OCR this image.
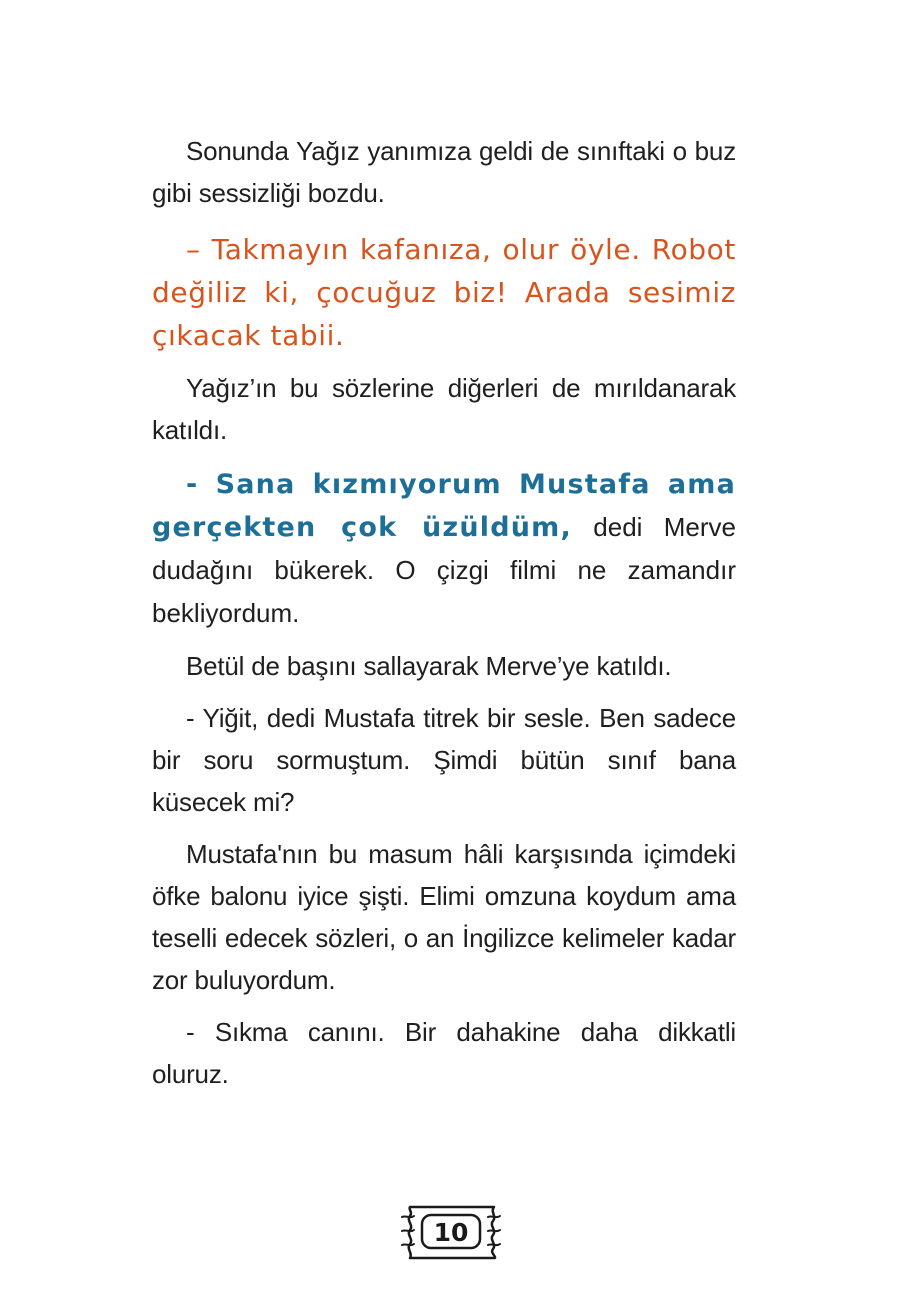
Sonunda Yağız yanımıza geldi de sınıftaki o buz gibi sessizliği bozdu.

– Takmayın kafanıza, olur öyle. Robot değiliz ki, çocuğuz biz! Arada sesimiz çıkacak tabii.

Yağız’ın bu sözlerine diğerleri de mırıldanarak katıldı.

- Sana kızmıyorum Mustafa ama gerçekten çok üzüldüm, dedi Merve dudağını bükerek. O çizgi filmi ne zamandır bekliyordum.

Betül de başını sallayarak Merve’ye katıldı.

- Yiğit, dedi Mustafa titrek bir sesle. Ben sadece bir soru sormuştum. Şimdi bütün sınıf bana küsecek mi?

Mustafa'nın bu masum hâli karşısında içimdeki öfke balonu iyice şişti. Elimi omzuna koydum ama teselli edecek sözleri, o an İngilizce kelimeler kadar zor buluyordum.

- Sıkma canını. Bir dahakine daha dikkatli oluruz.

10
